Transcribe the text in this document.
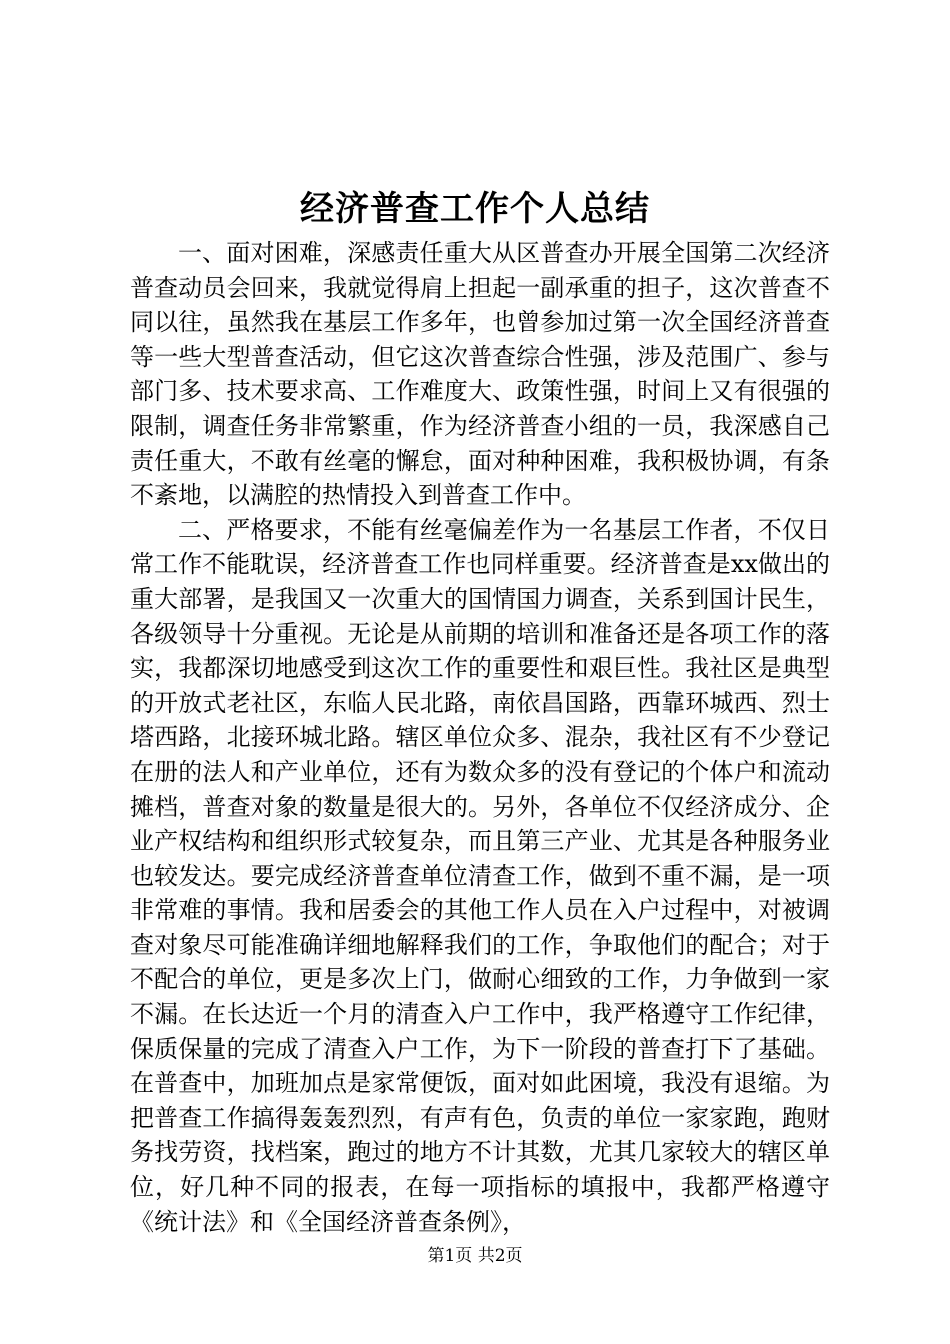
经济普查工作个人总结

一、面对困难，深感责任重大从区普查办开展全国第二次经济普查动员会回来，我就觉得肩上担起一副承重的担子，这次普查不同以往，虽然我在基层工作多年，也曾参加过第一次全国经济普查等一些大型普查活动，但它这次普查综合性强，涉及范围广、参与部门多、技术要求高、工作难度大、政策性强，时间上又有很强的限制，调查任务非常繁重，作为经济普查小组的一员，我深感自己责任重大，不敢有丝毫的懈怠，面对种种困难，我积极协调，有条不紊地，以满腔的热情投入到普查工作中。

二、严格要求，不能有丝毫偏差作为一名基层工作者，不仅日常工作不能耽误，经济普查工作也同样重要。经济普查是xx做出的重大部署，是我国又一次重大的国情国力调查，关系到国计民生，各级领导十分重视。无论是从前期的培训和准备还是各项工作的落实，我都深切地感受到这次工作的重要性和艰巨性。我社区是典型的开放式老社区，东临人民北路，南依昌国路，西靠环城西、烈士塔西路，北接环城北路。辖区单位众多、混杂，我社区有不少登记在册的法人和产业单位，还有为数众多的没有登记的个体户和流动摊档，普查对象的数量是很大的。另外，各单位不仅经济成分、企业产权结构和组织形式较复杂，而且第三产业、尤其是各种服务业也较发达。要完成经济普查单位清查工作，做到不重不漏，是一项非常难的事情。我和居委会的其他工作人员在入户过程中，对被调查对象尽可能准确详细地解释我们的工作，争取他们的配合；对于不配合的单位，更是多次上门，做耐心细致的工作，力争做到一家不漏。在长达近一个月的清查入户工作中，我严格遵守工作纪律，保质保量的完成了清查入户工作，为下一阶段的普查打下了基础。在普查中，加班加点是家常便饭，面对如此困境，我没有退缩。为把普查工作搞得轰轰烈烈，有声有色，负责的单位一家家跑，跑财务找劳资，找档案，跑过的地方不计其数，尤其几家较大的辖区单位，好几种不同的报表，在每一项指标的填报中，我都严格遵守《统计法》和《全国经济普查条例》，

第1页 共2页
